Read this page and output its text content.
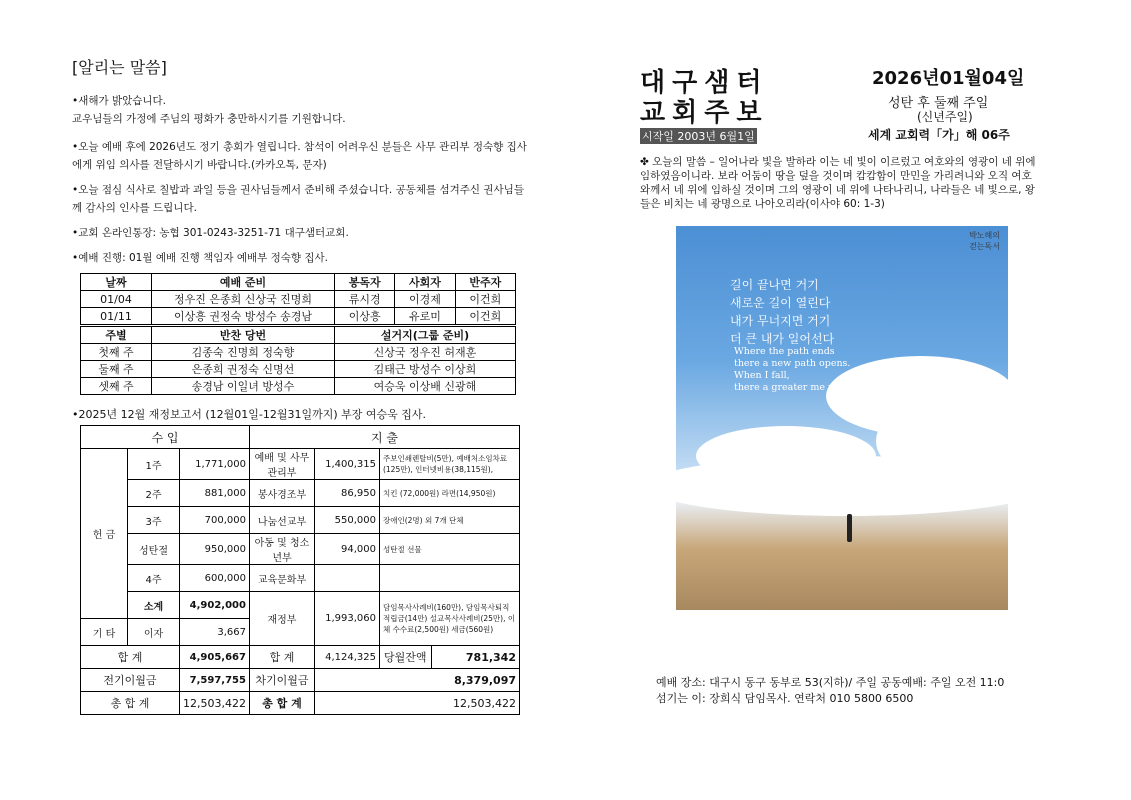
[알리는 말씀]
•새해가 밝았습니다.
교우님들의 가정에 주님의 평화가 충만하시기를 기원합니다.
•오늘 예배 후에 2026년도 정기 총회가 열립니다. 참석이 어려우신 분들은 사무 관리부 정숙향 집사에게 위임 의사를 전달하시기 바랍니다.(카카오톡, 문자)
•오늘 점심 식사로 칠밥과 과일 등을 권사님들께서 준비해 주셨습니다. 공동체를 섬겨주신 권사님들께 감사의 인사를 드립니다.
•교회 온라인통장: 농협 301-0243-3251-71 대구샘터교회.
•예배 진행: 01월 예배 진행 책임자 예배부 정숙향 집사.
날짜	예배 준비	봉독자	사회자	반주자
01/04	정우진 은종희 신상국 진명희	류시경	이경제	이건희
01/11	이상흥 권정숙 방성수 송경남	이상흥	유로미	이건희
주별	반찬 당번	설거지(그룹 준비)
첫째 주	김종숙 진명희 정숙향	신상국 정우진 허재훈
둘째 주	은종희 권정숙 신명선	김태근 방성수 이상희
셋째 주	송경남 이일녀 방성수	여승욱 이상배 신광해
•2025년 12월 재정보고서 (12월01일-12월31일까지) 부장 여승욱 집사.
수 입			지 출			
헌 금	1주	1,771,000	예배 및 사무관리부	1,400,315	주보인쇄렌탈비(5만), 예배처소임차료(125만), 인터넷비용(38,115원),	
	2주	881,000	봉사경조부	86,950	치킨 (72,000원) 라면(14,950원)	
	3주	700,000	나눔선교부	550,000	장애인(2명) 외 7개 단체	
	성탄절	950,000	아동 및 청소년부	94,000	성탄절 선물	
	4주	600,000	교육문화부			
	소계	4,902,000	재정부	1,993,060	담임목사사례비(160만), 담임목사퇴직적립금(14만) 설교목사사례비(25만), 이체 수수료(2,500원) 세금(560원)	
기 타	이자	3,667				
합 계		4,905,667	합 계	4,124,325	당월잔액	781,342
전기이월금		7,597,755	차기이월금	8,379,097		
총 합 계		12,503,422	총 합 계	12,503,422		
대구샘터
교회주보
시작일 2003년 6월1일
2026년01월04일
성탄 후 둘째 주일
(신년주일)
세계 교회력「가」해 06주
✤ 오늘의 말씀 – 일어나라 빛을 발하라 이는 네 빛이 이르렀고 여호와의 영광이 네 위에 임하였음이니라. 보라 어둠이 땅을 덮을 것이며 캄캄함이 만민을 가리려니와 오직 여호와께서 네 위에 임하실 것이며 그의 영광이 네 위에 나타나리니, 나라들은 네 빛으로, 왕들은 비치는 네 광명으로 나아오리라(이사야 60: 1-3)
박노해의 걷는독서
길이 끝나면 거기
새로운 길이 열린다
내가 무너지면 거기
더 큰 내가 일어선다
Where the path ends
there a new path opens.
When I fall,
there a greater me rises.
예배 장소: 대구시 동구 동부로 53(지하)/ 주일 공동예배: 주일 오전 11:0
섬기는 이: 장희식 담임목사. 연락처 010 5800 6500
